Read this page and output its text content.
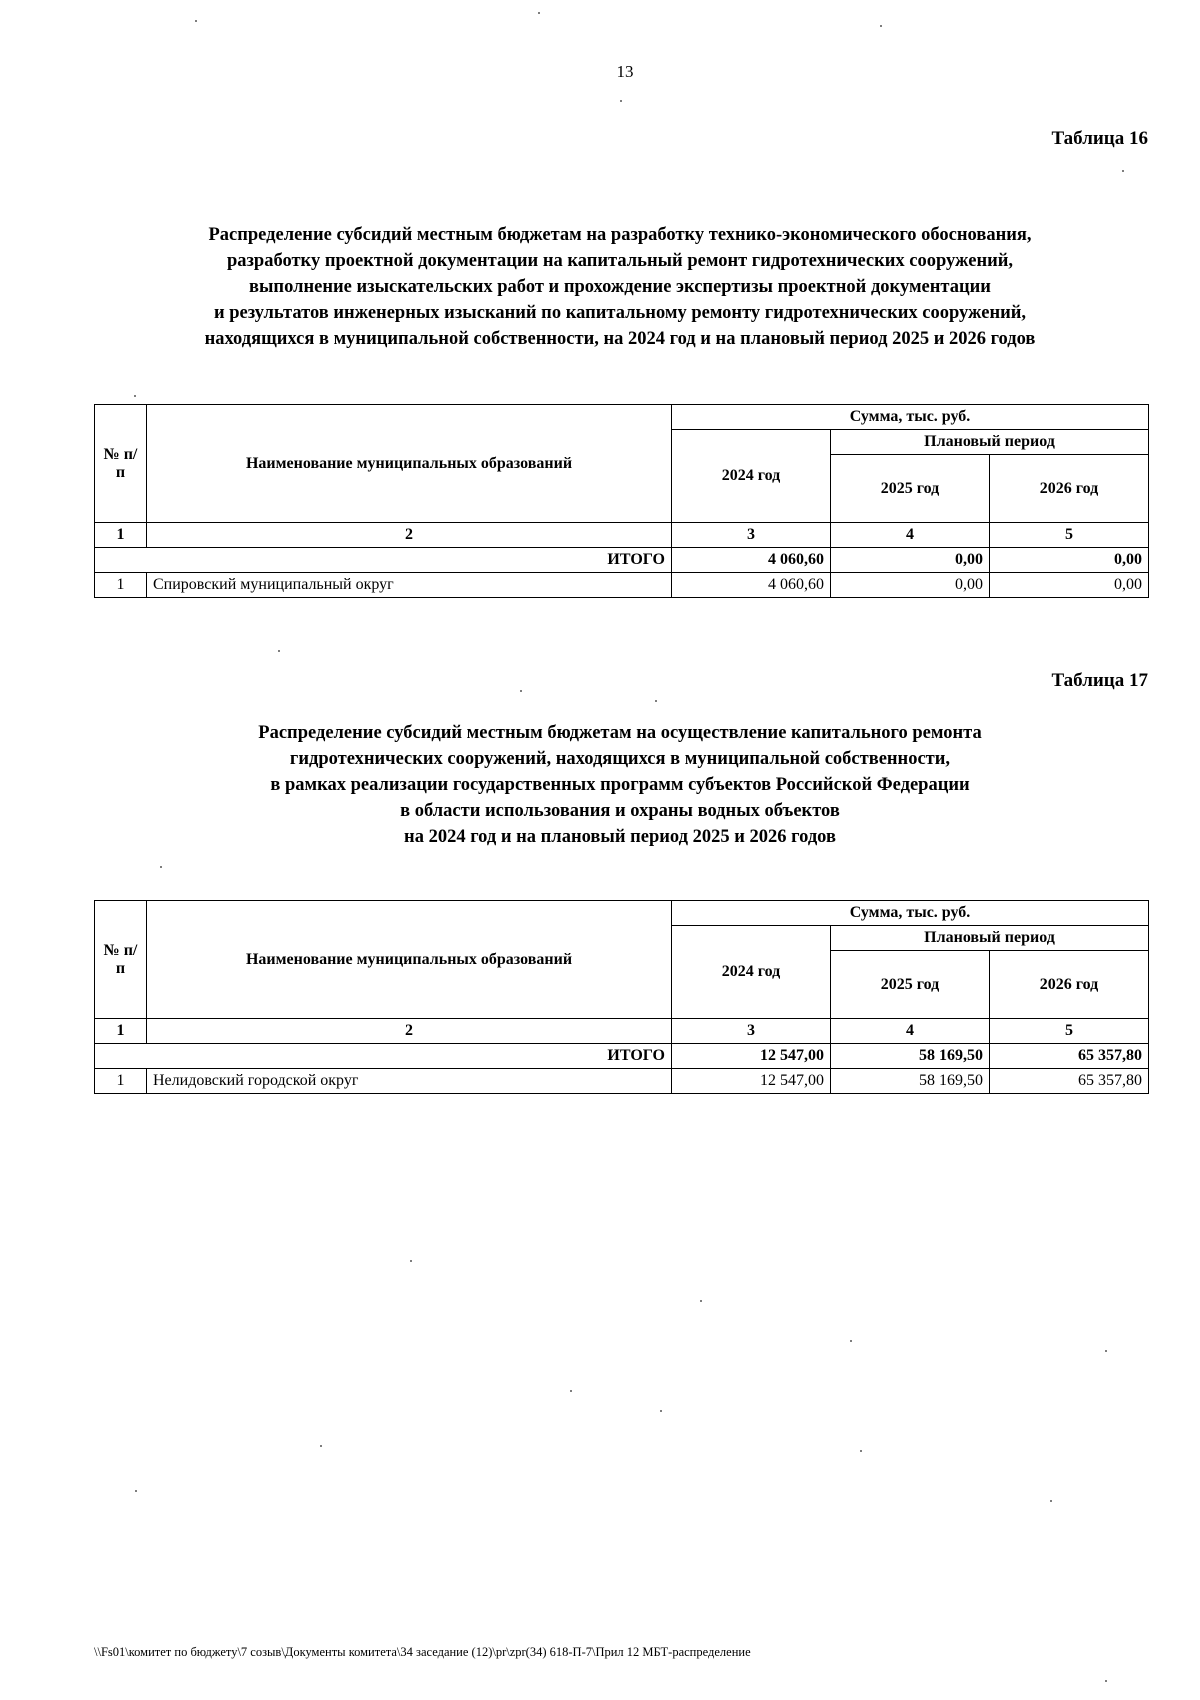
13
Таблица 16
Распределение субсидий местным бюджетам на разработку технико-экономического обоснования,
разработку проектной документации на капитальный ремонт гидротехнических сооружений,
выполнение изыскательских работ и прохождение экспертизы проектной документации
и результатов инженерных изысканий по капитальному ремонту гидротехнических сооружений,
находящихся в муниципальной собственности, на 2024 год и на плановый период 2025 и 2026 годов
№ п/п	Наименование муниципальных образований	Сумма, тыс. руб.		
		2024 год	Плановый период	
			2025 год	2026 год
1	2	3	4	5
ИТОГО		4 060,60	0,00	0,00
1	Спировский муниципальный округ	4 060,60	0,00	0,00
Таблица 17
Распределение субсидий местным бюджетам на осуществление капитального ремонта
гидротехнических сооружений, находящихся в муниципальной собственности,
в рамках реализации государственных программ субъектов Российской Федерации
в области использования и охраны водных объектов
на 2024 год и на плановый период 2025 и 2026 годов
№ п/п	Наименование муниципальных образований	Сумма, тыс. руб.		
		2024 год	Плановый период	
			2025 год	2026 год
1	2	3	4	5
ИТОГО		12 547,00	58 169,50	65 357,80
1	Нелидовский городской округ	12 547,00	58 169,50	65 357,80
\\Fs01\комитет по бюджету\7 созыв\Документы комитета\34 заседание (12)\pr\zpr(34) 618-П-7\Прил 12 МБТ-распределение
